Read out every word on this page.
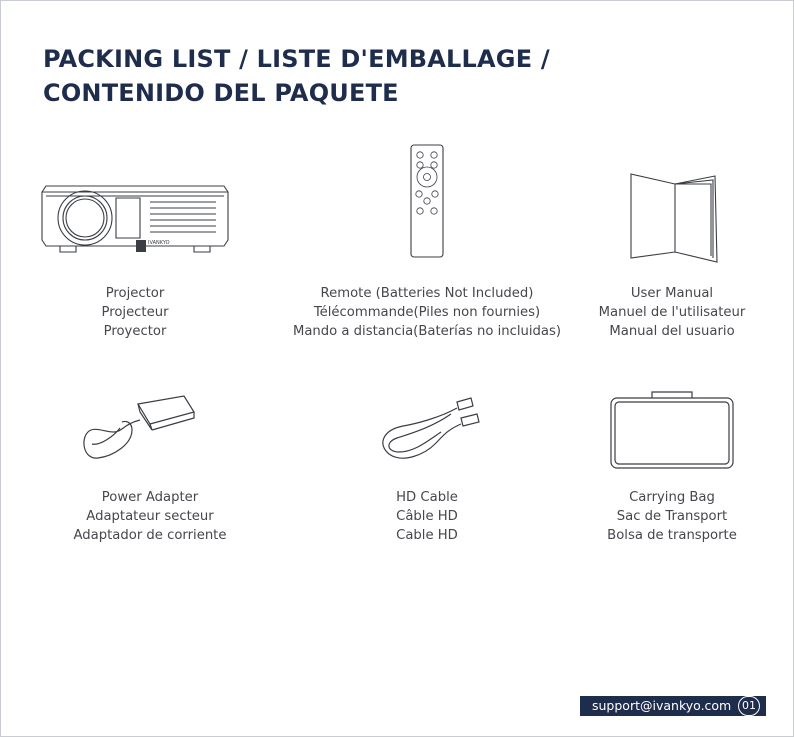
PACKING LIST / LISTE D'EMBALLAGE /
CONTENIDO DEL PAQUETE
IVANKYO
Projector
Projecteur
Proyector
Remote (Batteries Not Included)
Télécommande(Piles non fournies)
Mando a distancia(Baterías no incluidas)
User Manual
Manuel de l'utilisateur
Manual del usuario
Power Adapter
Adaptateur secteur
Adaptador de corriente
HD Cable
Câble HD
Cable HD
Carrying Bag
Sac de Transport
Bolsa de transporte
support@ivankyo.com 01
